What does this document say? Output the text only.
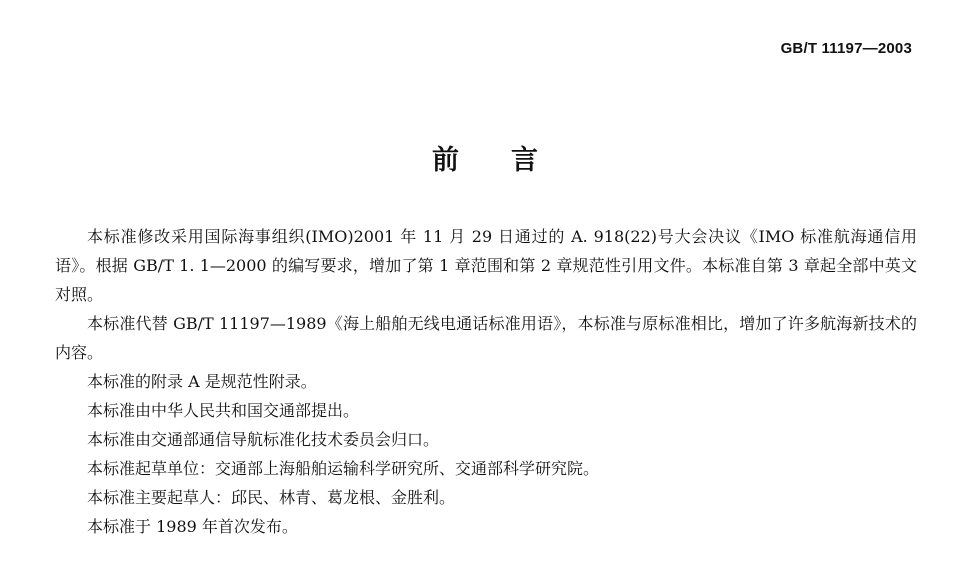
GB/T 11197—2003
前言

本标准修改采用国际海事组织(IMO)2001 年 11 月 29 日通过的 A. 918(22)号大会决议《IMO 标准航海通信用语》。根据 GB/T 1. 1—2000 的编写要求，增加了第 1 章范围和第 2 章规范性引用文件。本标准自第 3 章起全部中英文对照。

本标准代替 GB/T 11197—1989《海上船舶无线电通话标准用语》，本标准与原标准相比，增加了许多航海新技术的内容。

本标准的附录 A 是规范性附录。

本标准由中华人民共和国交通部提出。

本标准由交通部通信导航标准化技术委员会归口。

本标准起草单位：交通部上海船舶运输科学研究所、交通部科学研究院。

本标准主要起草人：邱民、林青、葛龙根、金胜利。

本标准于 1989 年首次发布。
